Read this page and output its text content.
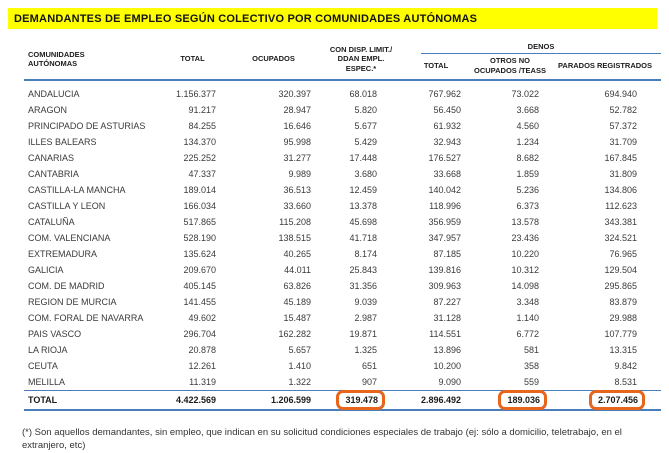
DEMANDANTES DE EMPLEO SEGÚN COLECTIVO POR COMUNIDADES AUTÓNOMAS
COMUNIDADES AUTÓNOMAS	TOTAL	OCUPADOS	CON DISP. LIMIT./
DDAN EMPL. ESPEC.*	DENOS		

				TOTAL	OTROS NO OCUPADOS /TEASS	PARADOS REGISTRADOS
ANDALUCIA	1.156.377	320.397	68.018	767.962	73.022	694.940
ARAGON	91.217	28.947	5.820	56.450	3.668	52.782
PRINCIPADO DE ASTURIAS	84.255	16.646	5.677	61.932	4.560	57.372
ILLES BALEARS	134.370	95.998	5.429	32.943	1.234	31.709
CANARIAS	225.252	31.277	17.448	176.527	8.682	167.845
CANTABRIA	47.337	9.989	3.680	33.668	1.859	31.809
CASTILLA-LA MANCHA	189.014	36.513	12.459	140.042	5.236	134.806
CASTILLA Y LEON	166.034	33.660	13.378	118.996	6.373	112.623
CATALUÑA	517.865	115.208	45.698	356.959	13.578	343.381
COM. VALENCIANA	528.190	138.515	41.718	347.957	23.436	324.521
EXTREMADURA	135.624	40.265	8.174	87.185	10.220	76.965
GALICIA	209.670	44.011	25.843	139.816	10.312	129.504
COM. DE MADRID	405.145	63.826	31.356	309.963	14.098	295.865
REGION DE MURCIA	141.455	45.189	9.039	87.227	3.348	83.879
COM. FORAL DE NAVARRA	49.602	15.487	2.987	31.128	1.140	29.988
PAIS VASCO	296.704	162.282	19.871	114.551	6.772	107.779
LA RIOJA	20.878	5.657	1.325	13.896	581	13.315
CEUTA	12.261	1.410	651	10.200	358	9.842
MELILLA	11.319	1.322	907	9.090	559	8.531
TOTAL	4.422.569	1.206.599	319.478	2.896.492	189.036	2.707.456
(*) Son aquellos demandantes, sin empleo, que indican en su solicitud condiciones especiales de trabajo (ej: sólo a domicilio, teletrabajo, en el extranjero, etc)
